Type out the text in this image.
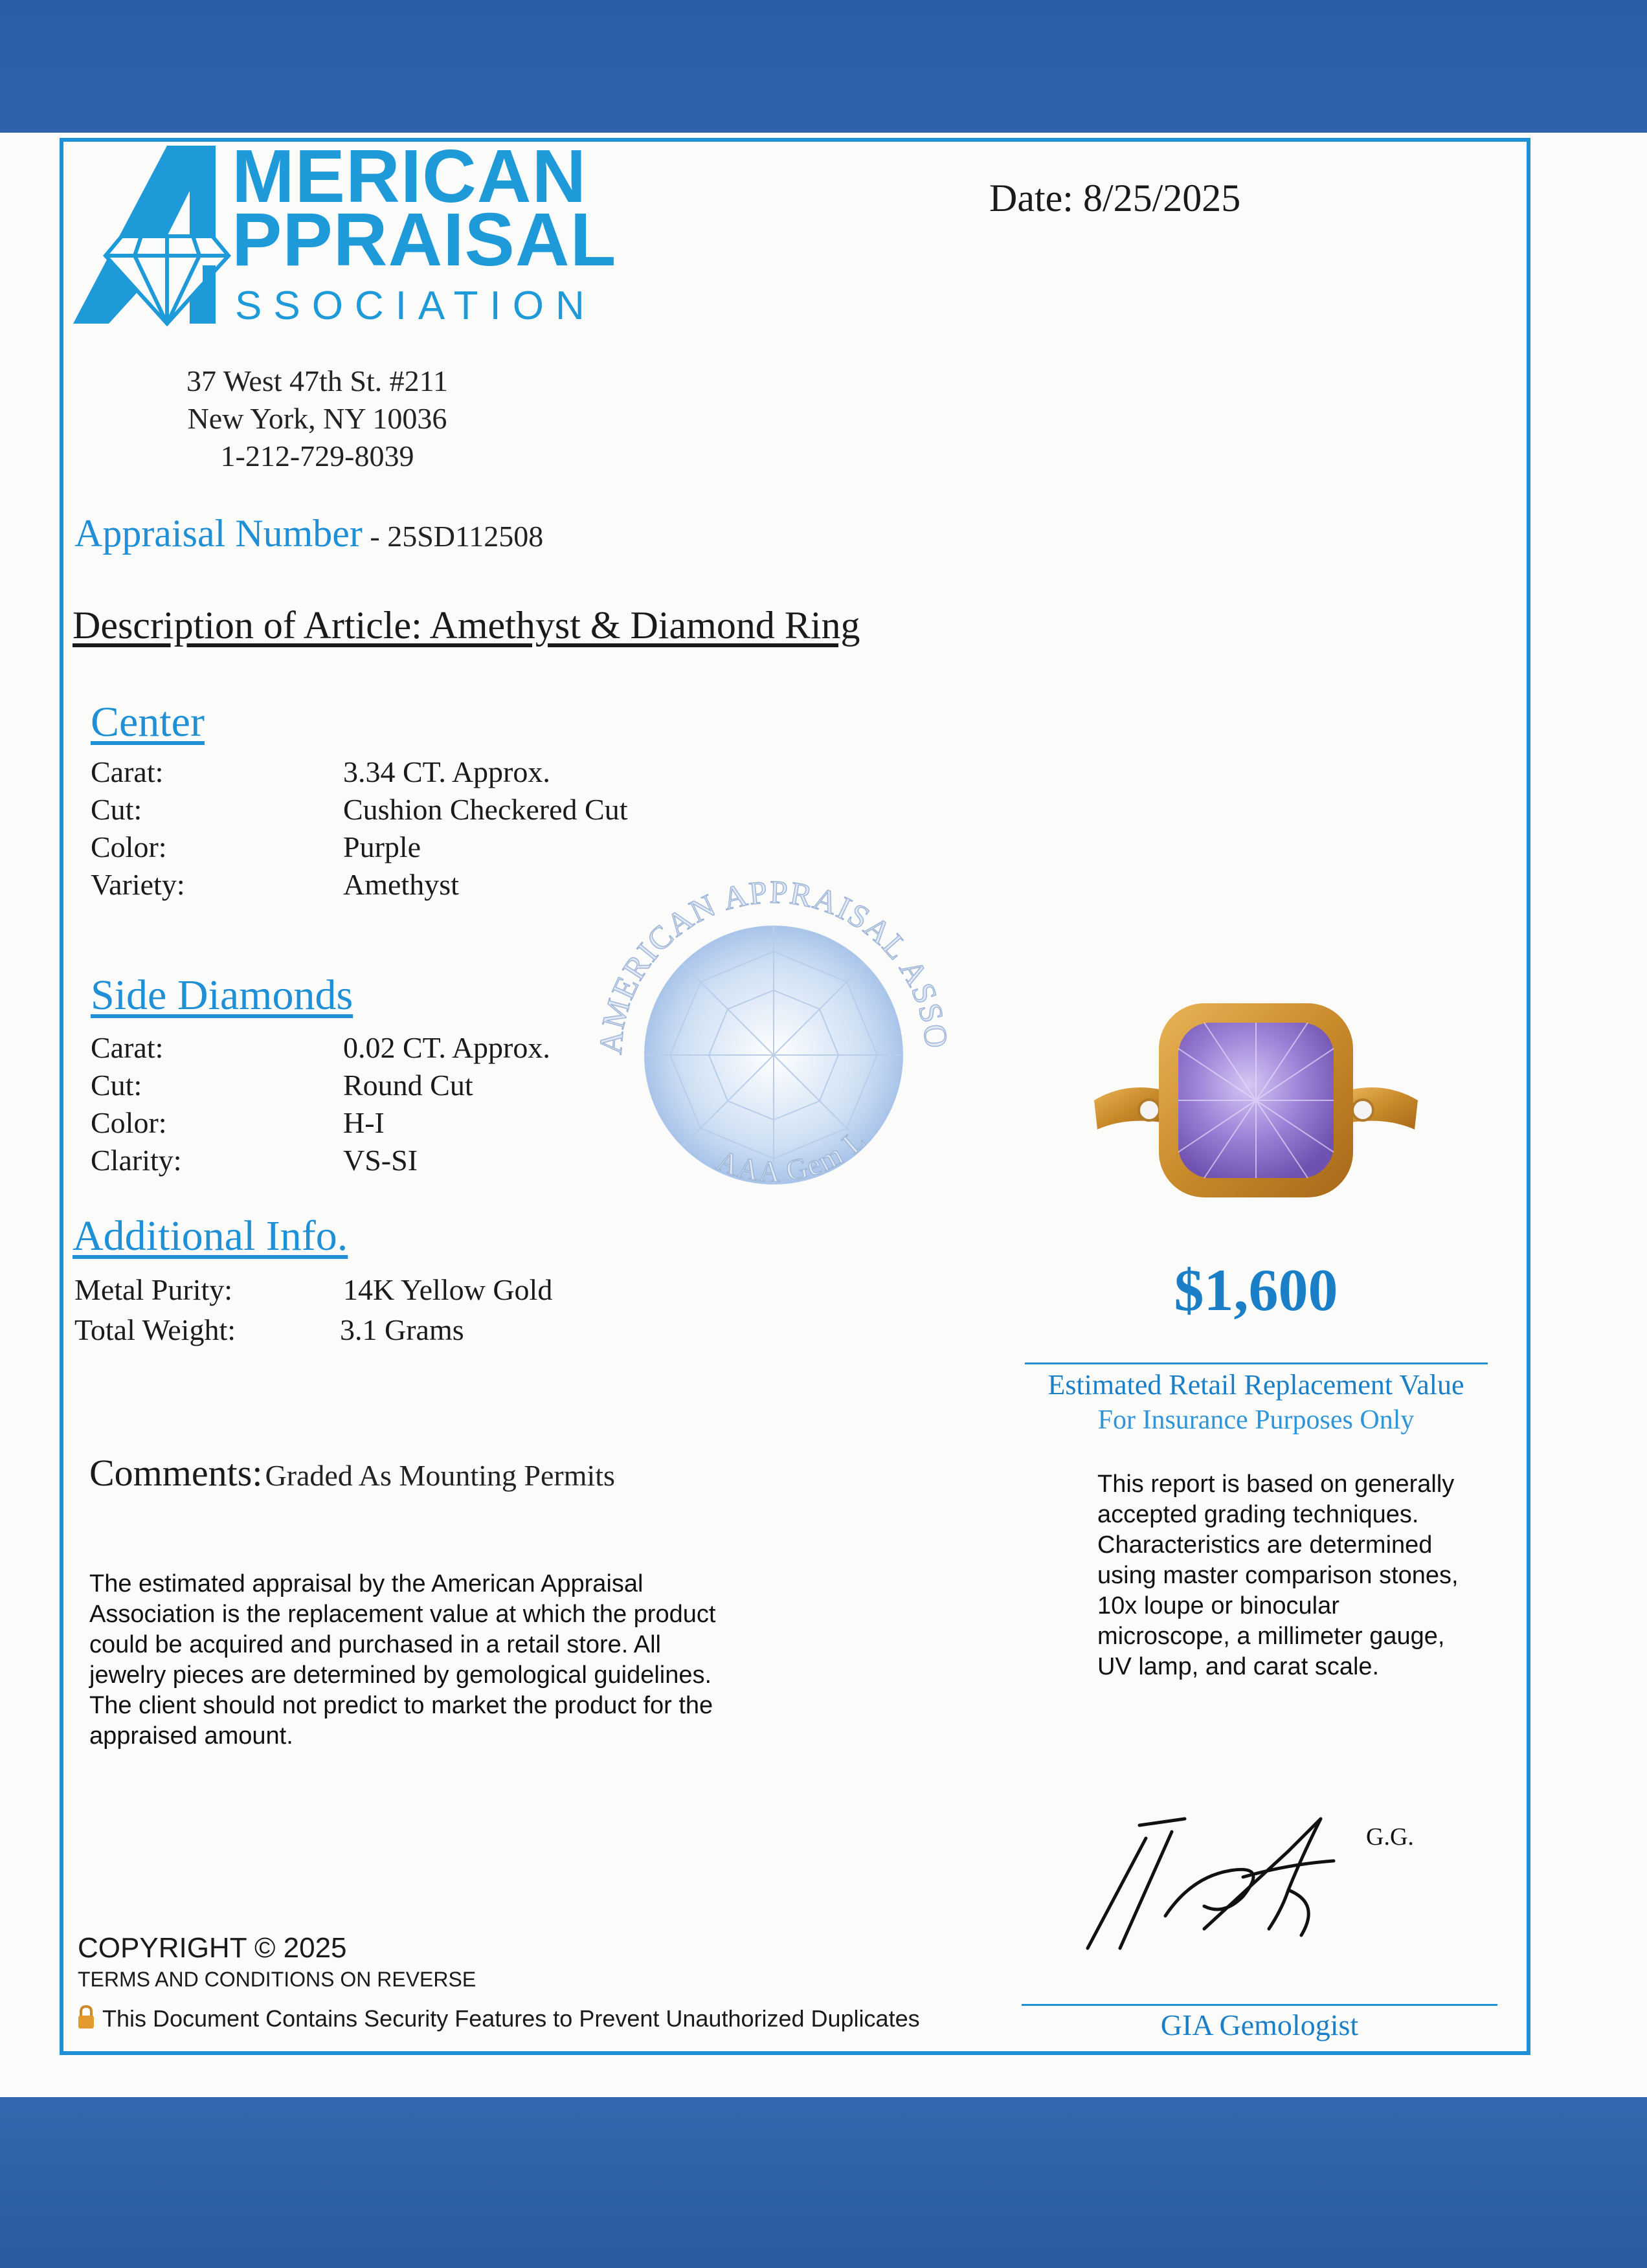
MERICAN
PPRAISAL
SSOCIATION
Date: 8/25/2025
37 West 47th St. #211
New York, NY 10036
1-212-729-8039
Appraisal Number - 25SD112508
Description of Article: Amethyst & Diamond Ring
Center
Carat:	3.34 CT. Approx.
Cut:	Cushion Checkered Cut
Color:	Purple
Variety:	Amethyst
Side Diamonds
Carat:	0.02 CT. Approx.
Cut:	Round Cut
Color:	H-I
Clarity:	VS-SI
Additional Info.
Metal Purity:	14K Yellow Gold
Total Weight:	3.1 Grams
AMERICAN APPRAISAL ASSO
AAA Gem L
$1,600
Estimated Retail Replacement Value
For Insurance Purposes Only
Comments: Graded As Mounting Permits
The estimated appraisal by the American Appraisal Association is the replacement value at which the product could be acquired and purchased in a retail store. All jewelry pieces are determined by gemological guidelines. The client should not predict to market the product for the appraised amount.
This report is based on generally accepted grading techniques. Characteristics are determined using master comparison stones, 10x loupe or binocular microscope, a millimeter gauge, UV lamp, and carat scale.
G.G.
GIA Gemologist
COPYRIGHT © 2025
TERMS AND CONDITIONS ON REVERSE
This Document Contains Security Features to Prevent Unauthorized Duplicates
